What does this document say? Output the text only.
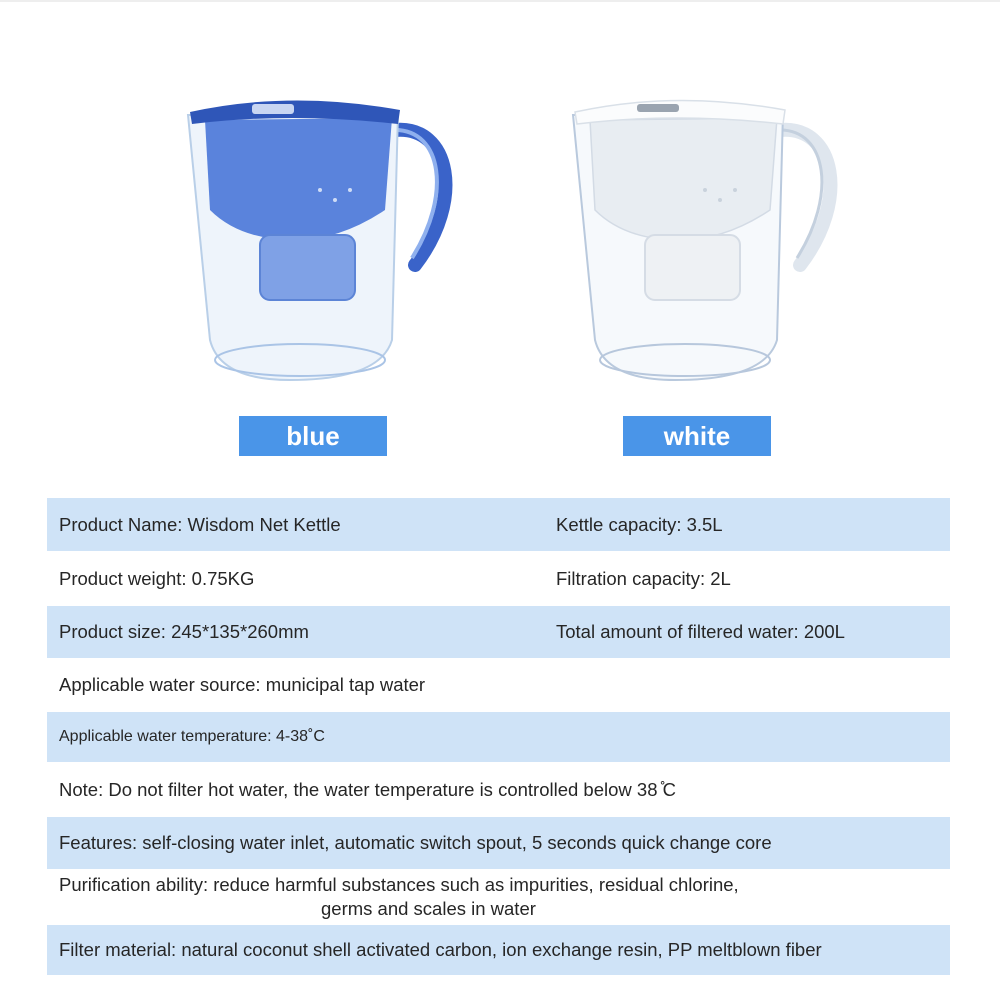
blue	white
Product Name: Wisdom Net Kettle	Kettle capacity: 3.5L
Product weight: 0.75KG	Filtration capacity: 2L
Product size: 245*135*260mm	Total amount of filtered water: 200L
Applicable water source: municipal tap water
Applicable water temperature: 4-38˚C
Note: Do not filter hot water, the water temperature is controlled below 38 ̊C
Features: self-closing water inlet, automatic switch spout, 5 seconds quick change core
Purification ability: reduce harmful substances such as impurities, residual chlorine,
germs and scales in water
Filter material: natural coconut shell activated carbon, ion exchange resin, PP meltblown fiber
